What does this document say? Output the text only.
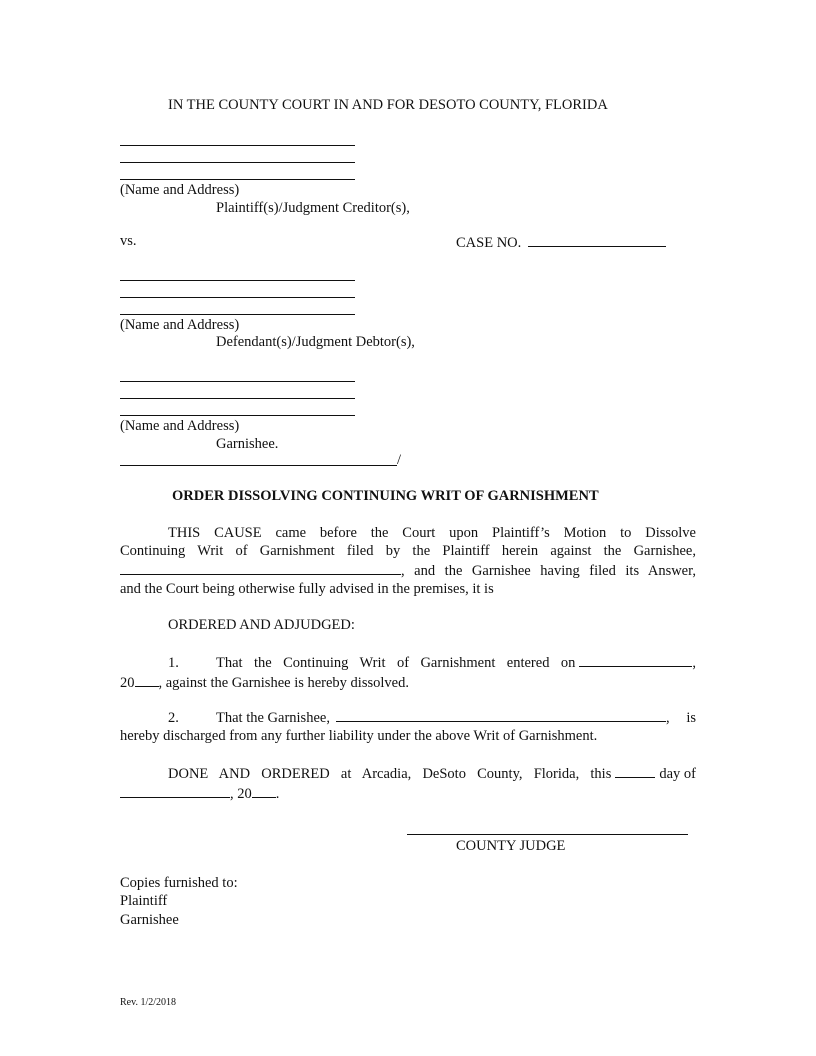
IN THE COUNTY COURT IN AND FOR DESOTO COUNTY, FLORIDA
(Name and Address)
Plaintiff(s)/Judgment Creditor(s),
vs.	CASE NO.
(Name and Address)
Defendant(s)/Judgment Debtor(s),
(Name and Address)
Garnishee.
/
ORDER DISSOLVING CONTINUING WRIT OF GARNISHMENT
THIS CAUSE came before the Court upon Plaintiff’s Motion to Dissolve
Continuing Writ of Garnishment filed by the Plaintiff herein against the Garnishee,
, and the Garnishee having filed its Answer,
and the Court being otherwise fully advised in the premises, it is
ORDERED AND ADJUDGED:
1.	That the Continuing Writ of Garnishment entered on	,
20 , against the Garnishee is hereby dissolved.
2.	That the Garnishee,	, is
hereby discharged from any further liability under the above Writ of Garnishment.
DONE AND ORDERED at Arcadia, DeSoto County, Florida, this	day of
, 20 .
COUNTY JUDGE
Copies furnished to:
Plaintiff
Garnishee
Rev. 1/2/2018
